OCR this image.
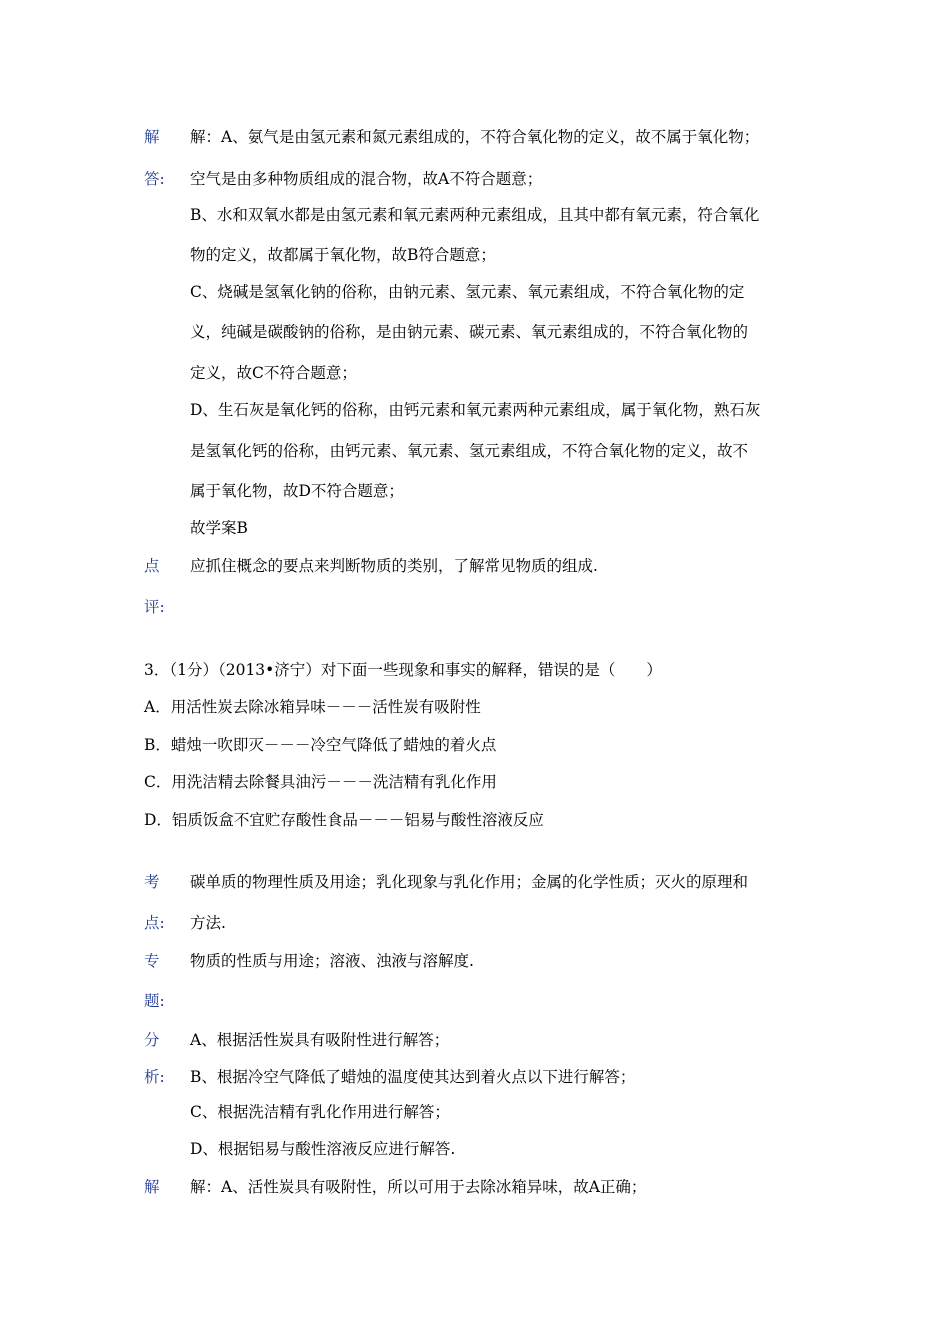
解 解：A、氨气是由氢元素和氮元素组成的，不符合氧化物的定义，故不属于氧化物；
答: 空气是由多种物质组成的混合物，故A不符合题意；
B、水和双氧水都是由氢元素和氧元素两种元素组成，且其中都有氧元素，符合氧化
物的定义，故都属于氧化物，故B符合题意；
C、烧碱是氢氧化钠的俗称，由钠元素、氢元素、氧元素组成，不符合氧化物的定
义，纯碱是碳酸钠的俗称，是由钠元素、碳元素、氧元素组成的，不符合氧化物的
定义，故C不符合题意；
D、生石灰是氧化钙的俗称，由钙元素和氧元素两种元素组成，属于氧化物，熟石灰
是氢氧化钙的俗称，由钙元素、氧元素、氢元素组成，不符合氧化物的定义，故不
属于氧化物，故D不符合题意；
故学案B
点 应抓住概念的要点来判断物质的类别，了解常见物质的组成.
评:
3．（1分）（2013•济宁）对下面一些现象和事实的解释，错误的是（　　）
A．用活性炭去除冰箱异味－－－活性炭有吸附性
B．蜡烛一吹即灭－－－冷空气降低了蜡烛的着火点
C．用洗洁精去除餐具油污－－－洗洁精有乳化作用
D．铝质饭盒不宜贮存酸性食品－－－铝易与酸性溶液反应
考 碳单质的物理性质及用途；乳化现象与乳化作用；金属的化学性质；灭火的原理和
点: 方法.
专 物质的性质与用途；溶液、浊液与溶解度.
题:
分 A、根据活性炭具有吸附性进行解答；
析: B、根据冷空气降低了蜡烛的温度使其达到着火点以下进行解答；
C、根据洗洁精有乳化作用进行解答；
D、根据铝易与酸性溶液反应进行解答.
解 解：A、活性炭具有吸附性，所以可用于去除冰箱异味，故A正确；
